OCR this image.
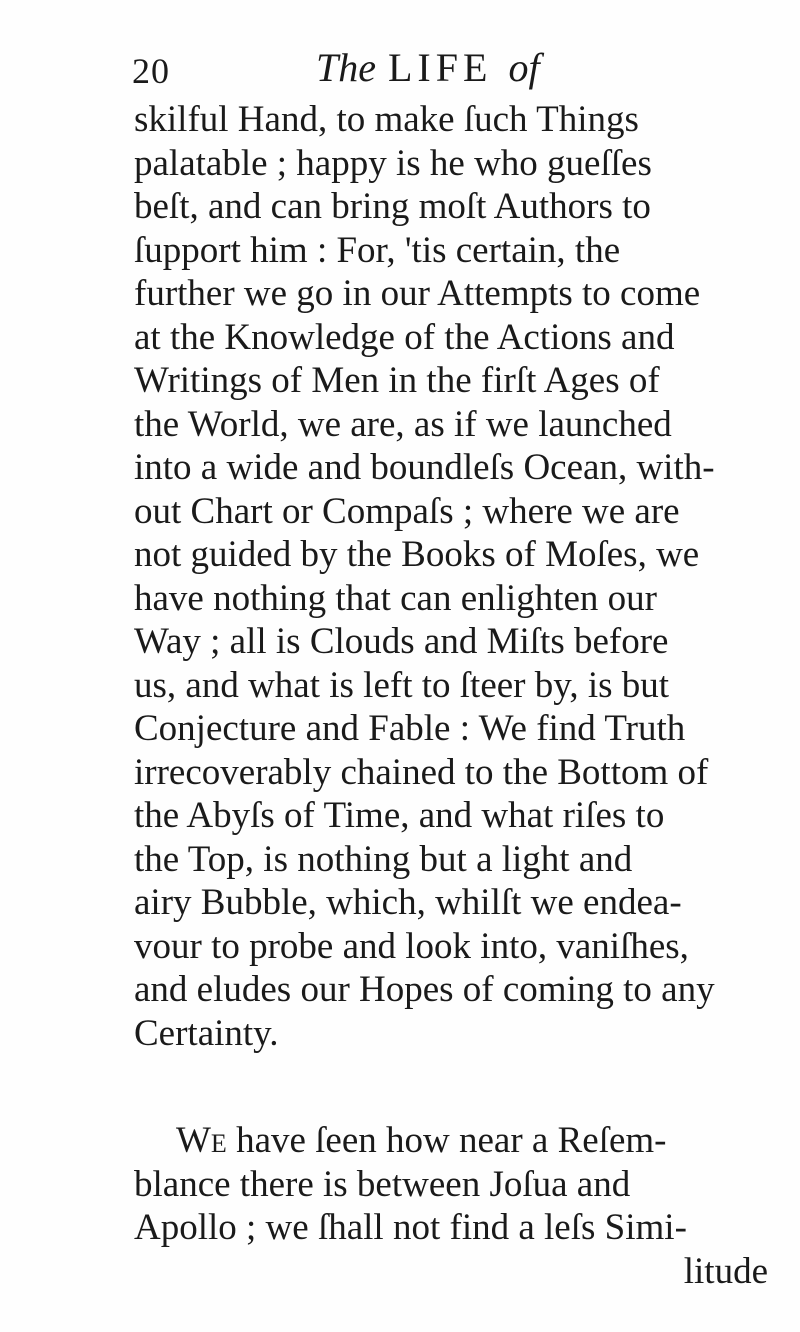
20	The LIFE of
skilful Hand, to make ſuch Things
palatable ; happy is he who gueſſes
beſt, and can bring moſt Authors to
ſupport him : For, 'tis certain, the
further we go in our Attempts to come
at the Knowledge of the Actions and
Writings of Men in the firſt Ages of
the World, we are, as if we launched
into a wide and boundleſs Ocean, with-
out Chart or Compaſs ; where we are
not guided by the Books of Moſes, we
have nothing that can enlighten our
Way ; all is Clouds and Miſts before
us, and what is left to ſteer by, is but
Conjecture and Fable : We find Truth
irrecoverably chained to the Bottom of
the Abyſs of Time, and what riſes to
the Top, is nothing but a light and
airy Bubble, which, whilſt we endea-
vour to probe and look into, vaniſhes,
and eludes our Hopes of coming to any
Certainty.
We have ſeen how near a Reſem-
blance there is between Joſua and
Apollo ; we ſhall not find a leſs Simi-
litude
